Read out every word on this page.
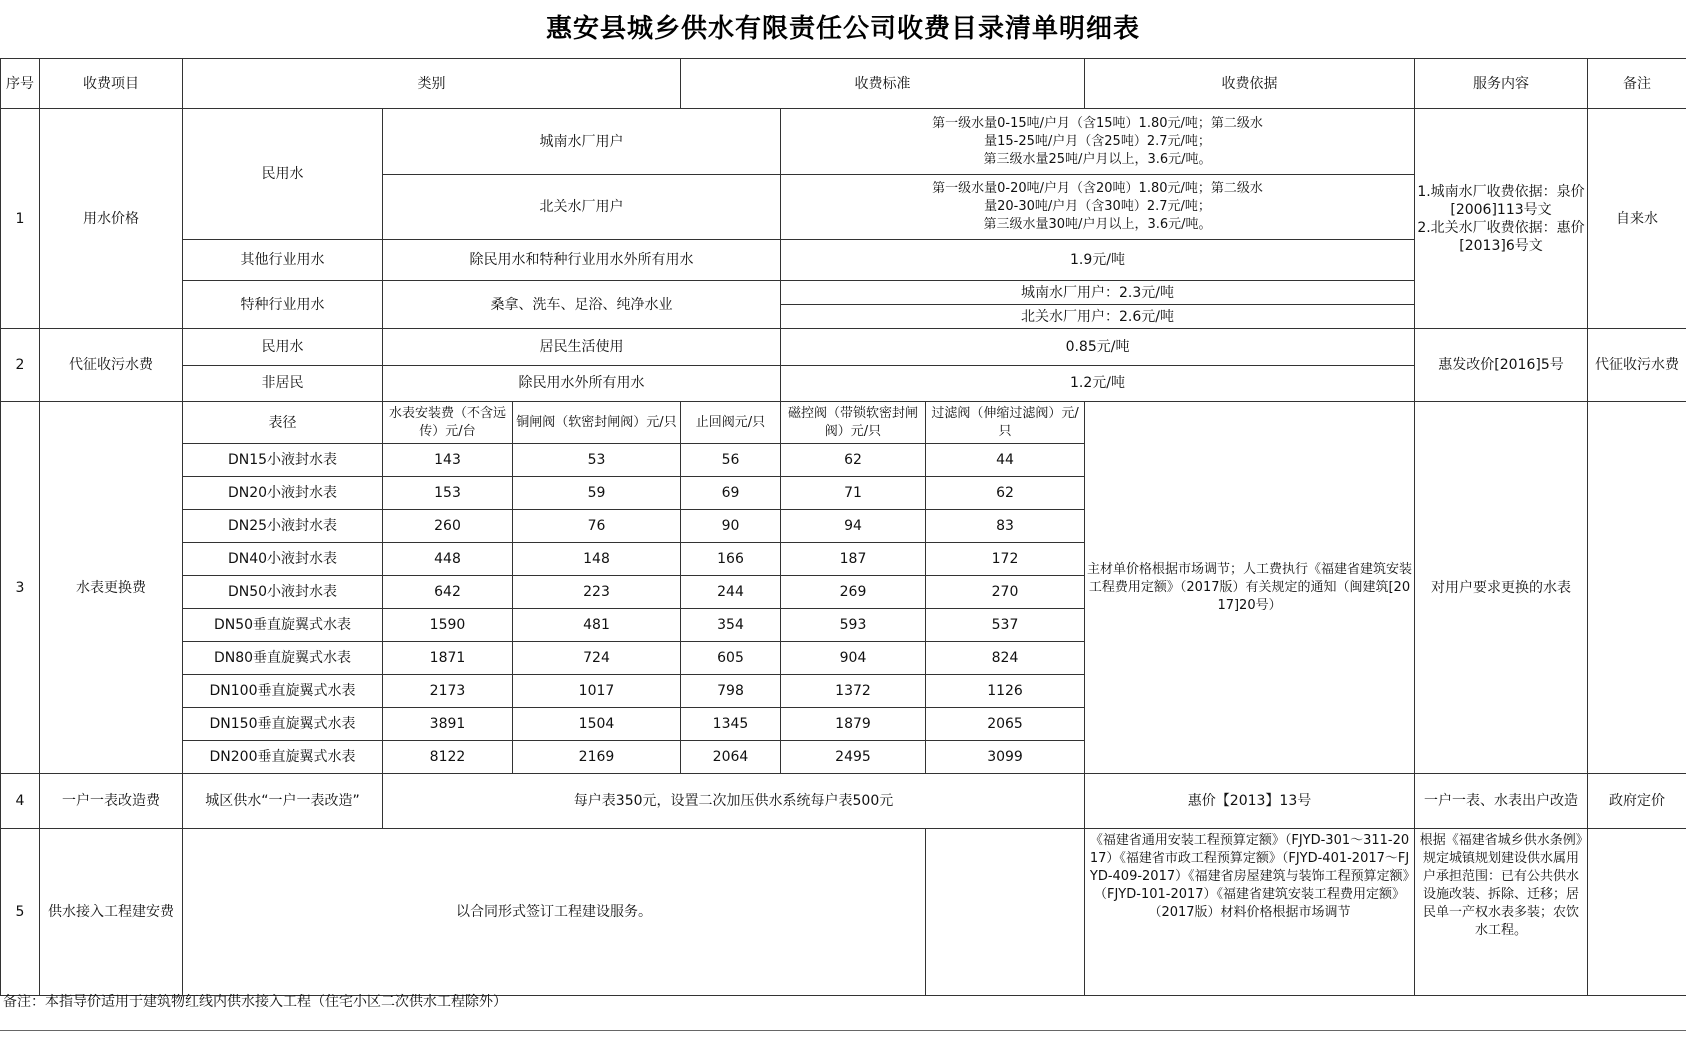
惠安县城乡供水有限责任公司收费目录清单明细表
序号	收费项目	类别			收费标准			收费依据	服务内容	备注	
1	用水价格	民用水	城南水厂用户			第一级水量0-15吨/户月（含15吨）1.80元/吨；第二级水
量15-25吨/户月（含25吨）2.7元/吨；
第三级水量25吨/户月以上，3.6元/吨。			1.城南水厂收费依据：泉价[2006]113号文
2.北关水厂收费依据：惠价[2013]6号文	自来水	
			北关水厂用户			第一级水量0-20吨/户月（含20吨）1.80元/吨；第二级水
量20-30吨/户月（含30吨）2.7元/吨；
第三级水量30吨/户月以上，3.6元/吨。					

		其他行业用水	除民用水和特种行业用水外所有用水			1.9元/吨					
		特种行业用水	桑拿、洗车、足浴、纯净水业			城南水厂用户：2.3元/吨					
						北关水厂用户：2.6元/吨					
2	代征收污水费	民用水	居民生活使用			0.85元/吨			惠发改价[2016]5号	代征收污水费	
		非居民	除民用水外所有用水			1.2元/吨					
3	水表更换费	表径	水表安装费（不含远传）元/台	铜闸阀（软密封闸阀）元/只	止回阀元/只	磁控阀（带锁软密封闸阀）元/只	过滤阀（伸缩过滤阀）元/只	主材单价格根据市场调节；人工费执行《福建省建筑安装工程费用定额》（2017版）有关规定的通知（闽建筑[2017]20号）	对用户要求更换的水表		
		DN15小液封水表	143	53	56	62	44				
		DN20小液封水表	153	59	69	71	62				
		DN25小液封水表	260	76	90	94	83				
		DN40小液封水表	448	148	166	187	172				
		DN50小液封水表	642	223	244	269	270				
		DN50垂直旋翼式水表	1590	481	354	593	537				
		DN80垂直旋翼式水表	1871	724	605	904	824				
		DN100垂直旋翼式水表	2173	1017	798	1372	1126				
		DN150垂直旋翼式水表	3891	1504	1345	1879	2065				
		DN200垂直旋翼式水表	8122	2169	2064	2495	3099				
4	一户一表改造费	城区供水“一户一表改造”	每户表350元，设置二次加压供水系统每户表500元					惠价【2013】13号	一户一表、水表出户改造	政府定价	
5	供水接入工程建安费	以合同形式签订工程建设服务。						《福建省通用安装工程预算定额》（FJYD-301～311-2017）《福建省市政工程预算定额》（FJYD-401-2017～FJYD-409-2017）《福建省房屋建筑与装饰工程预算定额》（FJYD-101-2017）《福建省建筑安装工程费用定额》（2017版）材料价格根据市场调节	根据《福建省城乡供水条例》规定城镇规划建设供水属用户承担范围：已有公共供水设施改装、拆除、迁移；居民单一产权水表多装；农饮水工程。		
备注：本指导价适用于建筑物红线内供水接入工程（住宅小区二次供水工程除外）
